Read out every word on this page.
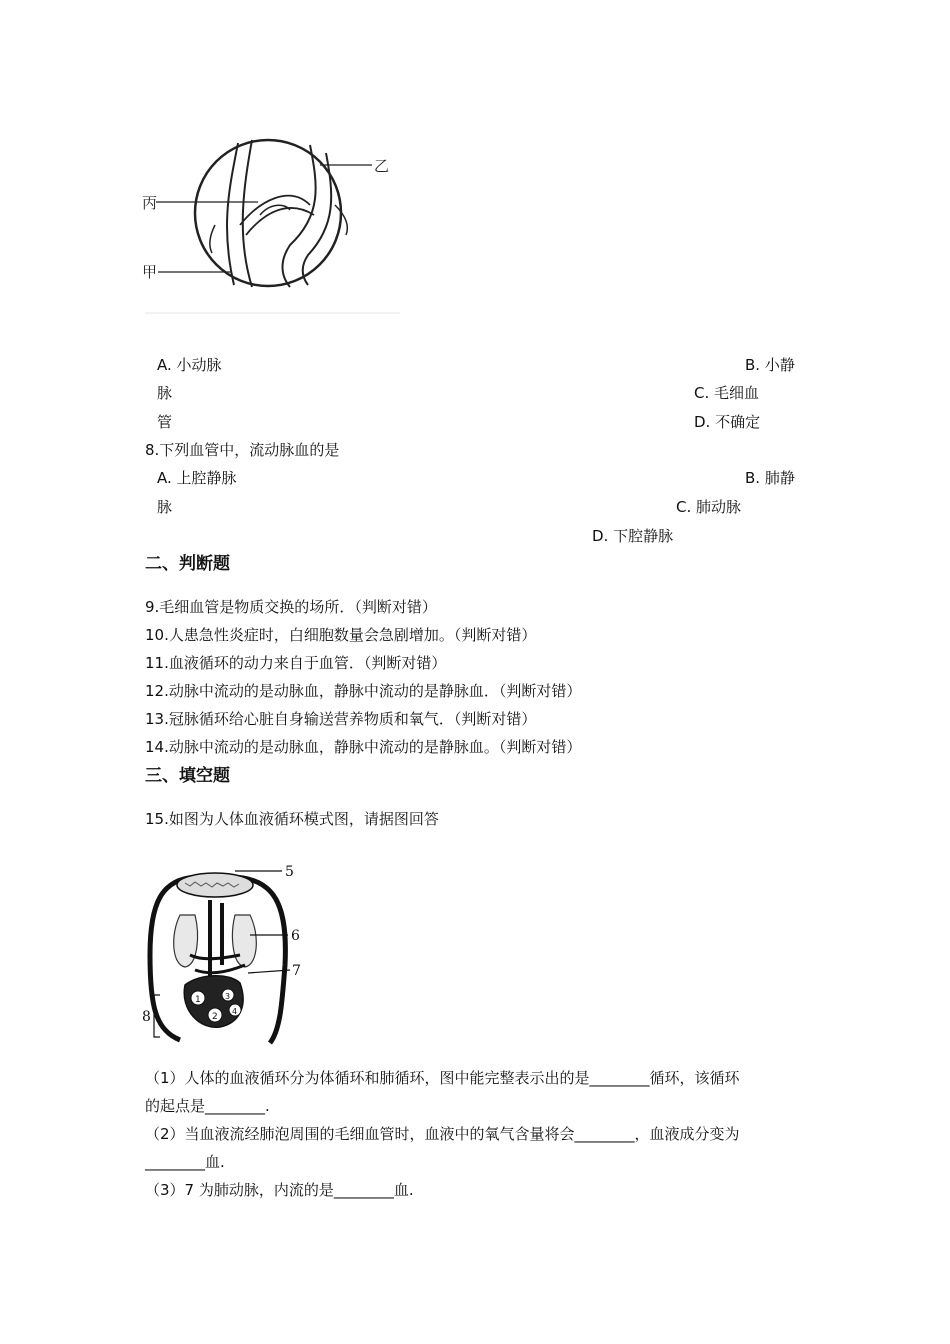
丙
乙
甲
A. 小动脉	B. 小静
脉	C. 毛细血
管	D. 不确定
8.下列血管中，流动脉血的是
A. 上腔静脉	B. 肺静
脉	C. 肺动脉
D. 下腔静脉
二、判断题
9.毛细血管是物质交换的场所．（判断对错）
10.人患急性炎症时，白细胞数量会急剧增加。（判断对错）
11.血液循环的动力来自于血管．（判断对错）
12.动脉中流动的是动脉血，静脉中流动的是静脉血．（判断对错）
13.冠脉循环给心脏自身输送营养物质和氧气．（判断对错）
14.动脉中流动的是动脉血，静脉中流动的是静脉血。（判断对错）
三、填空题
15.如图为人体血液循环模式图，请据图回答
5
6
7
8
1
2
3
4
（1）人体的血液循环分为体循环和肺循环，图中能完整表示出的是________循环，该循环
的起点是________.
（2）当血液流经肺泡周围的毛细血管时，血液中的氧气含量将会________，血液成分变为
________血.
（3）7 为肺动脉，内流的是________血.
